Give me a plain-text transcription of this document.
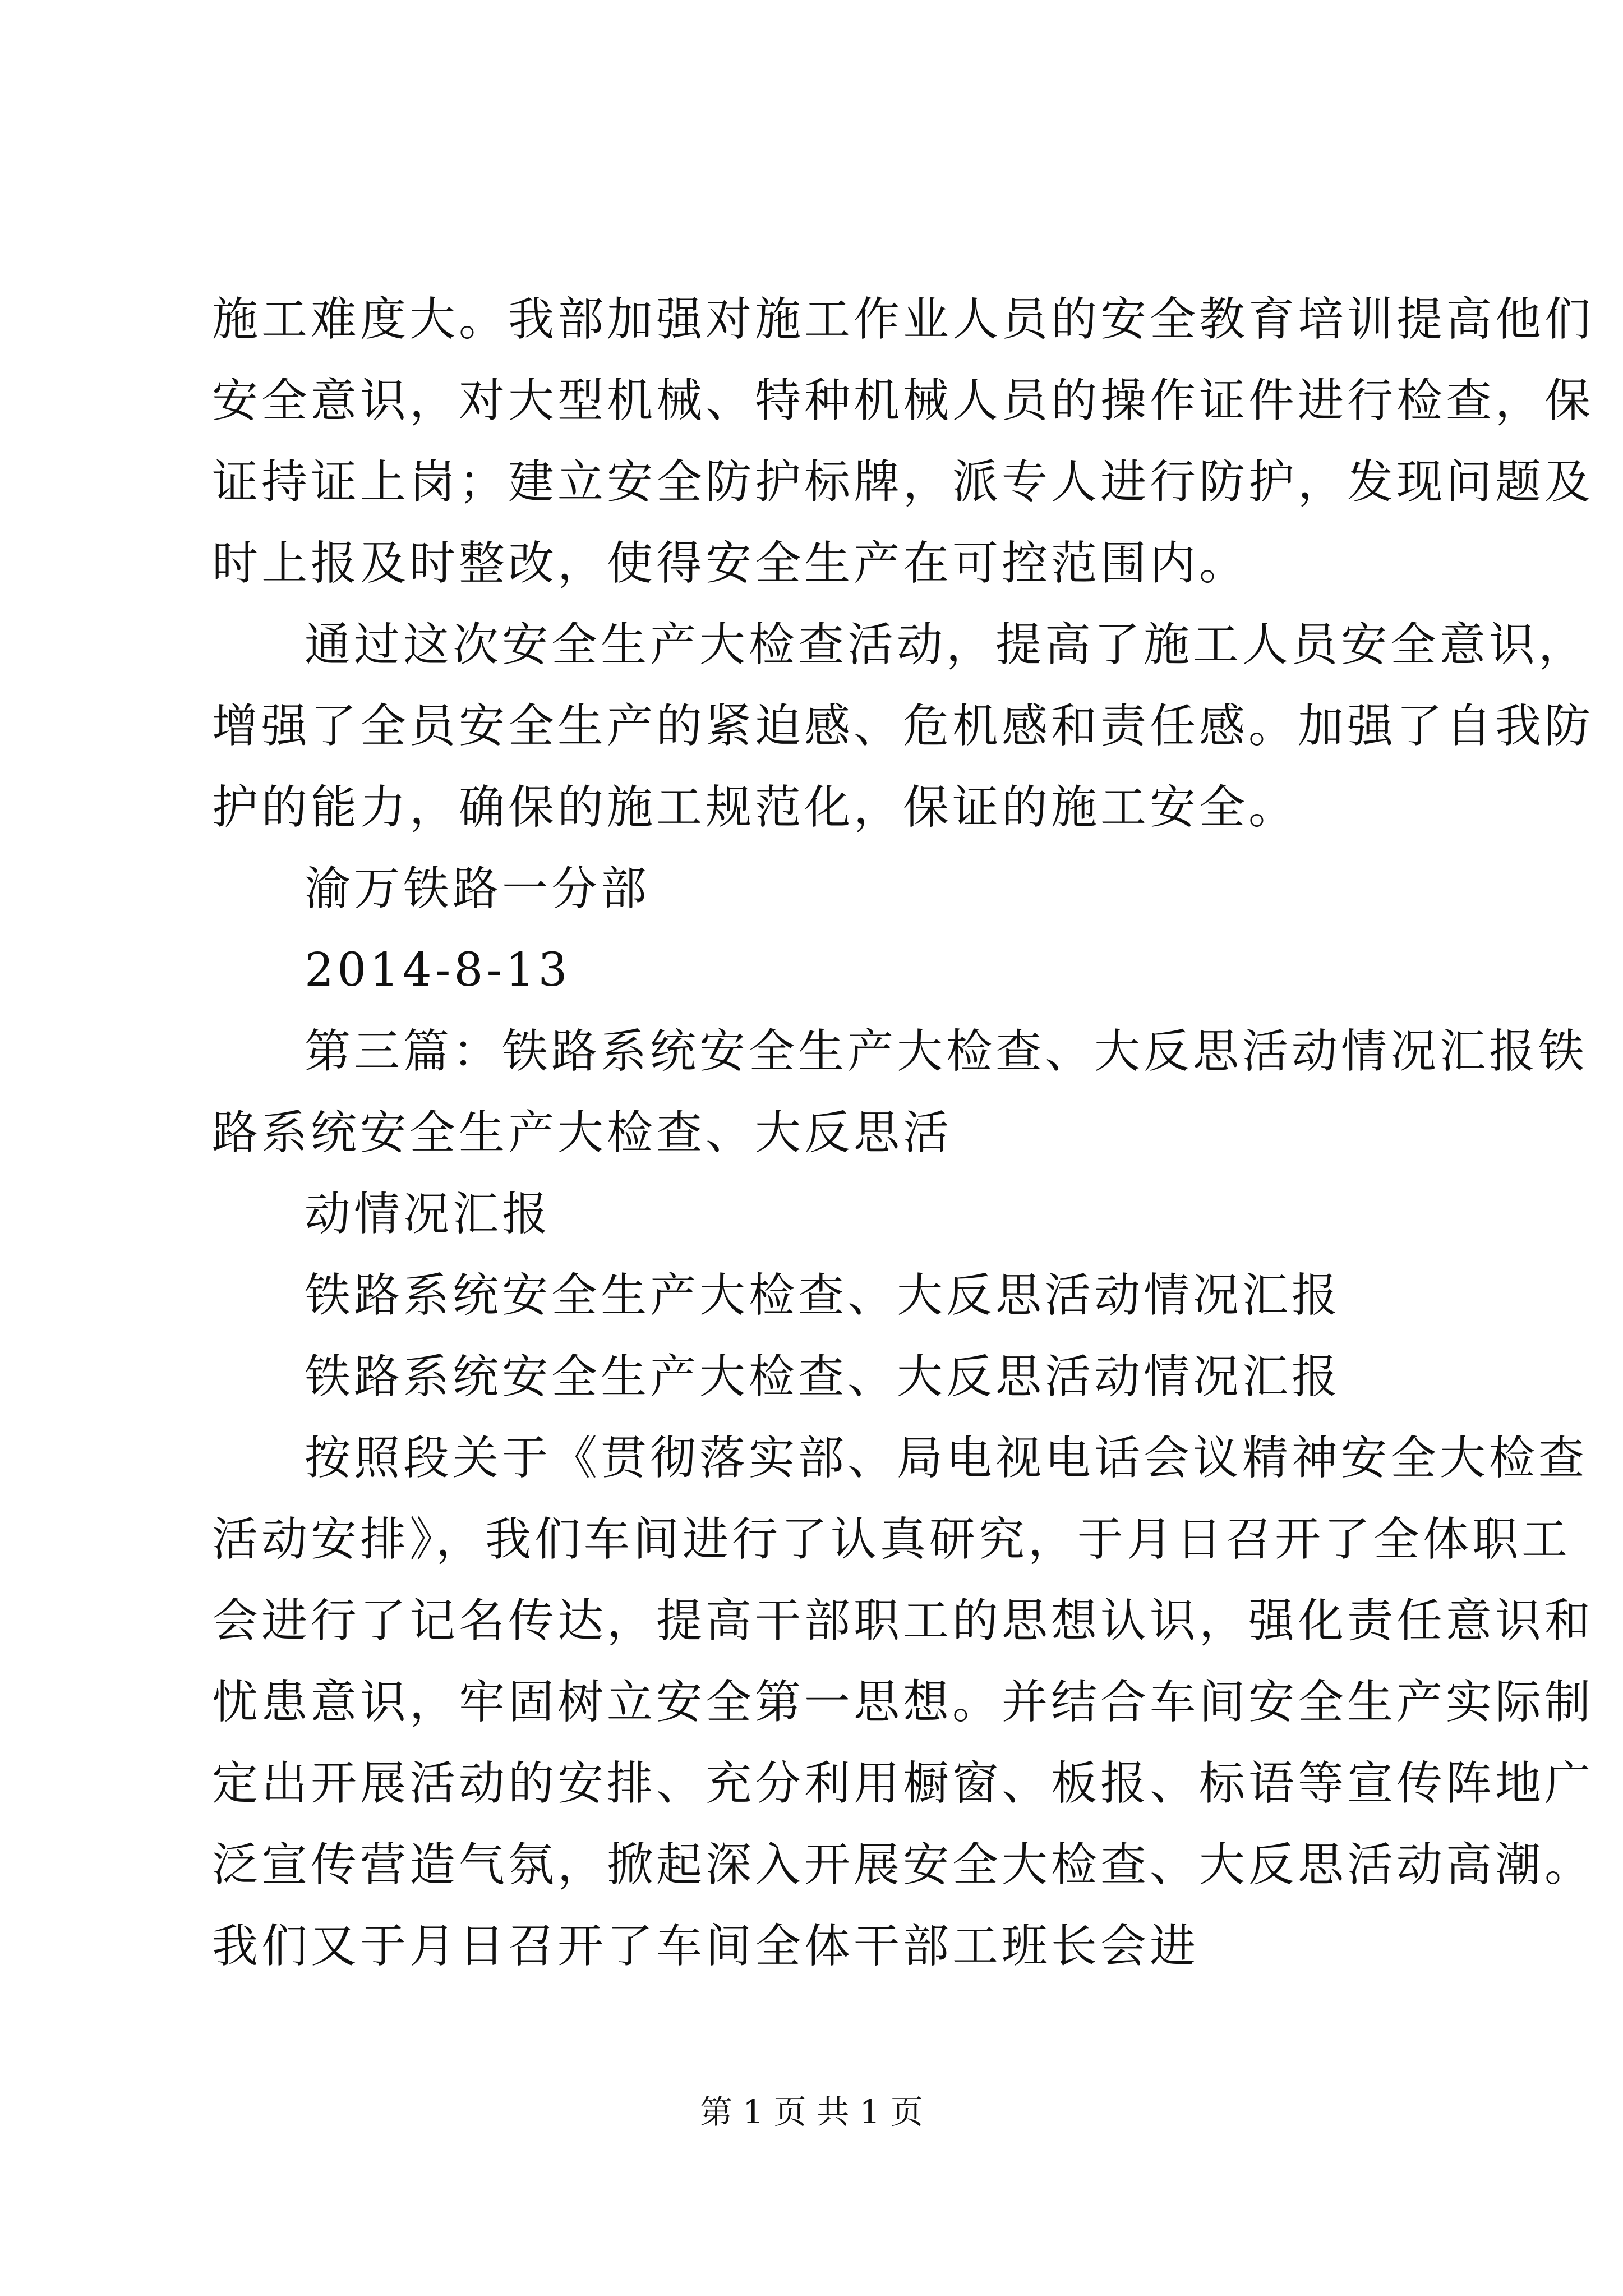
施工难度大。我部加强对施工作业人员的安全教育培训提高他们
安全意识，对大型机械、特种机械人员的操作证件进行检查，保
证持证上岗；建立安全防护标牌，派专人进行防护，发现问题及
时上报及时整改，使得安全生产在可控范围内。
通过这次安全生产大检查活动，提高了施工人员安全意识，
增强了全员安全生产的紧迫感、危机感和责任感。加强了自我防
护的能力，确保的施工规范化，保证的施工安全。
渝万铁路一分部
2014-8-13
第三篇：铁路系统安全生产大检查、大反思活动情况汇报铁
路系统安全生产大检查、大反思活
动情况汇报
铁路系统安全生产大检查、大反思活动情况汇报
铁路系统安全生产大检查、大反思活动情况汇报
按照段关于《贯彻落实部、局电视电话会议精神安全大检查
活动安排》，我们车间进行了认真研究，于月日召开了全体职工
会进行了记名传达，提高干部职工的思想认识，强化责任意识和
忧患意识，牢固树立安全第一思想。并结合车间安全生产实际制
定出开展活动的安排、充分利用橱窗、板报、标语等宣传阵地广
泛宣传营造气氛，掀起深入开展安全大检查、大反思活动高潮。
我们又于月日召开了车间全体干部工班长会进
第 1 页 共 1 页
